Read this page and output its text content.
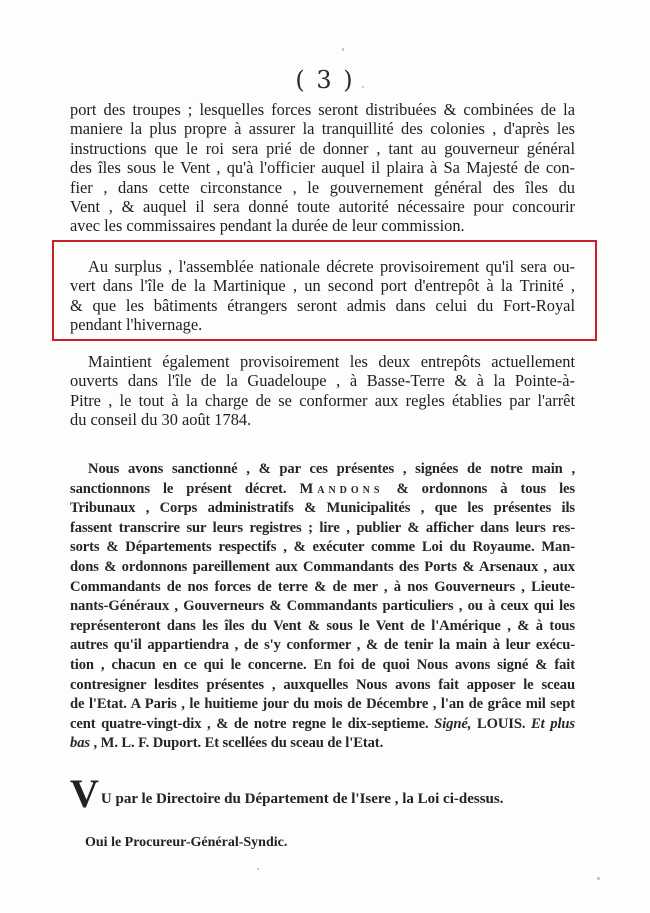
( 3 )
port des troupes ; lesquelles forces seront distribuées & combinées de la
maniere la plus propre à assurer la tranquillité des colonies , d'après les
instructions que le roi sera prié de donner , tant au gouverneur général
des îles sous le Vent , qu'à l'officier auquel il plaira à Sa Majesté de con-
fier , dans cette circonstance , le gouvernement général des îles du
Vent , & auquel il sera donné toute autorité nécessaire pour concourir
avec les commissaires pendant la durée de leur commission.
Au surplus , l'assemblée nationale décrete provisoirement qu'il sera ou-
vert dans l'île de la Martinique , un second port d'entrepôt à la Trinité ,
& que les bâtiments étrangers seront admis dans celui du Fort-Royal
pendant l'hivernage.
Maintient également provisoirement les deux entrepôts actuellement
ouverts dans l'île de la Guadeloupe , à Basse-Terre & à la Pointe-à-
Pitre , le tout à la charge de se conformer aux regles établies par l'arrêt
du conseil du 30 août 1784.
Nous avons sanctionné , & par ces présentes , signées de notre main ,
sanctionnons le présent décret. Mandons & ordonnons à tous les
Tribunaux , Corps administratifs & Municipalités , que les présentes ils
fassent transcrire sur leurs registres ; lire , publier & afficher dans leurs res-
sorts & Départements respectifs , & exécuter comme Loi du Royaume. Man-
dons & ordonnons pareillement aux Commandants des Ports & Arsenaux , aux
Commandants de nos forces de terre & de mer , à nos Gouverneurs , Lieute-
nants-Généraux , Gouverneurs & Commandants particuliers , ou à ceux qui les
représenteront dans les îles du Vent & sous le Vent de l'Amérique , & à tous
autres qu'il appartiendra , de s'y conformer , & de tenir la main à leur exécu-
tion , chacun en ce qui le concerne. En foi de quoi Nous avons signé & fait
contresigner lesdites présentes , auxquelles Nous avons fait apposer le sceau
de l'Etat. A Paris , le huitieme jour du mois de Décembre , l'an de grâce mil sept
cent quatre-vingt-dix , & de notre regne le dix-septieme. Signé, LOUIS. Et plus
bas , M. L. F. Duport. Et scellées du sceau de l'Etat.
V U par le Directoire du Département de l'Isere , la Loi ci-dessus.
Oui le Procureur-Général-Syndic.
